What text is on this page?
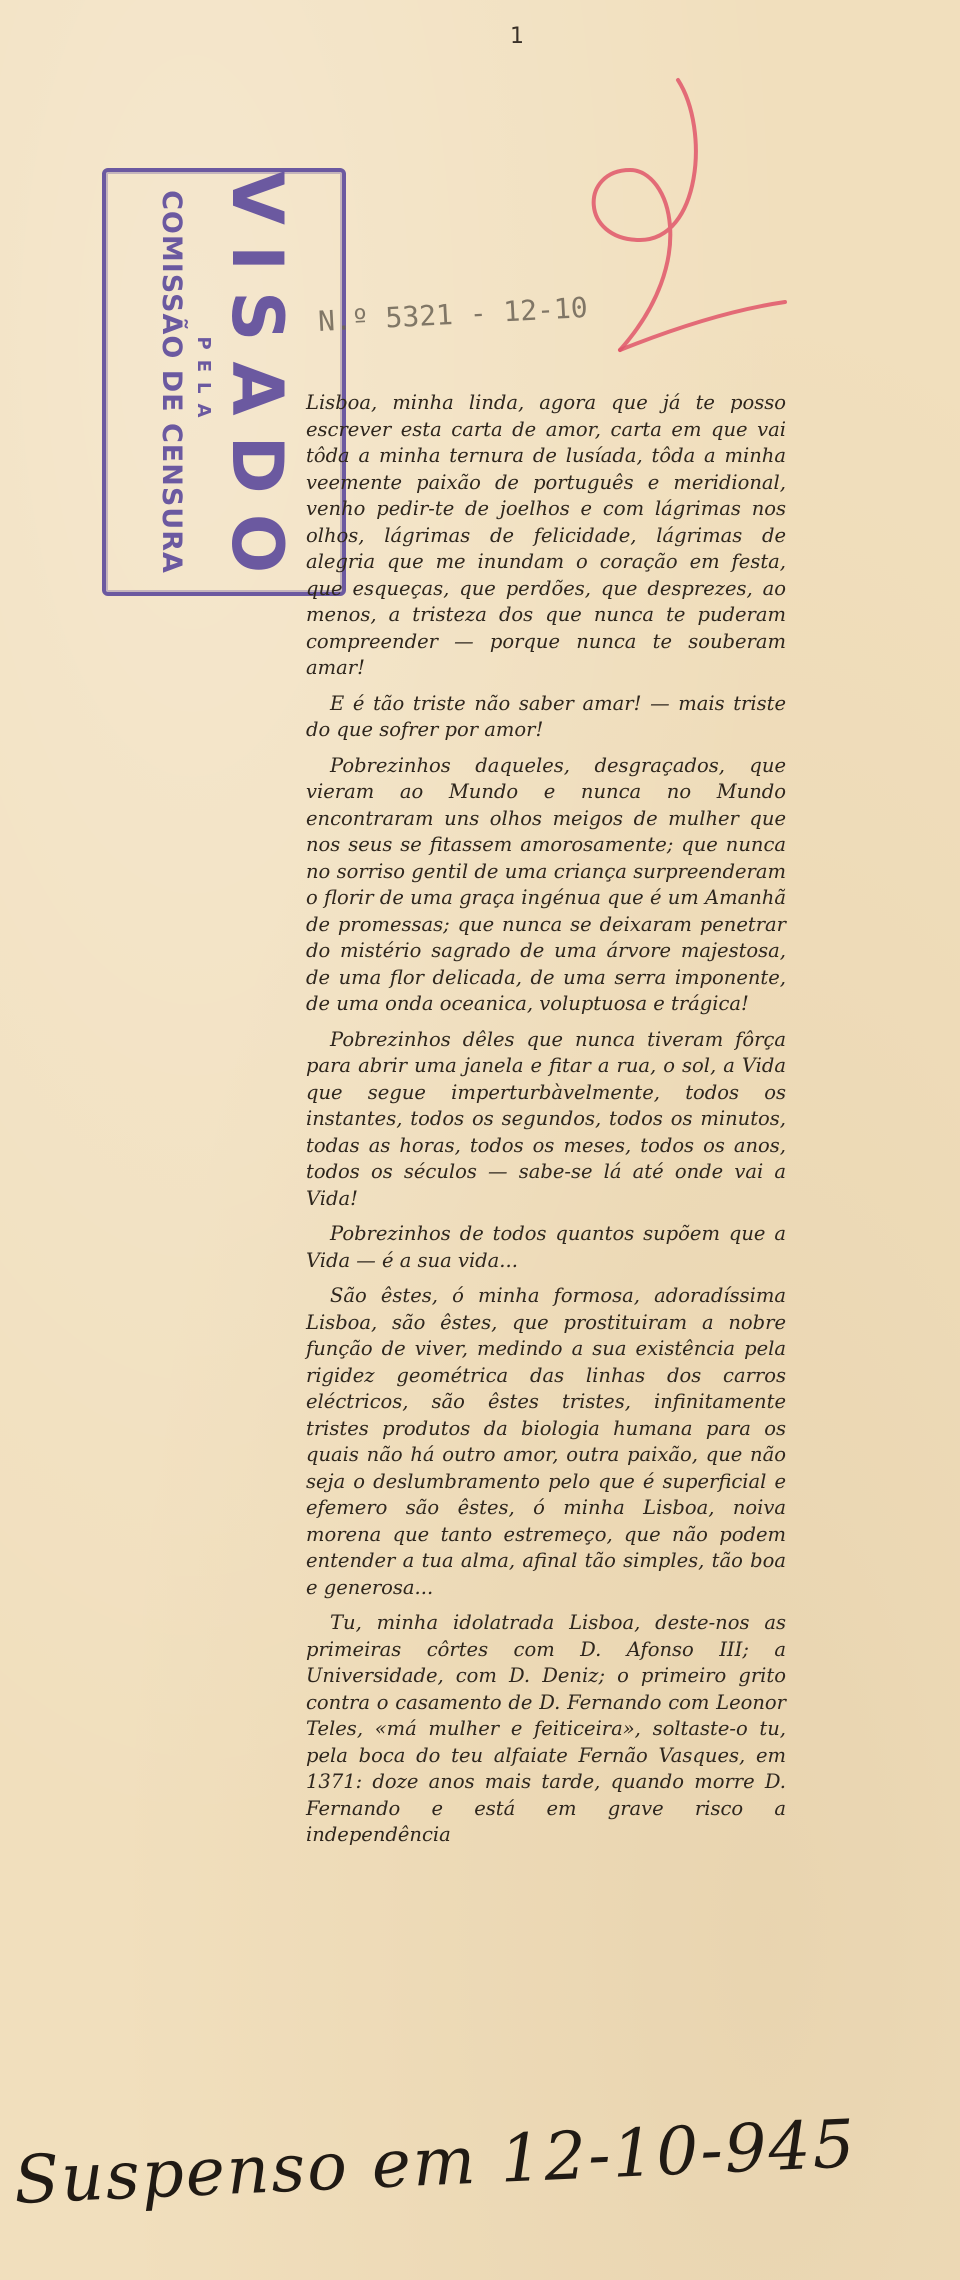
1
VISADO
PELA
COMISSÃO DE CENSURA	N.º 5321 - 12-10

Lisboa, minha linda, agora que já te posso escrever esta carta de amor, carta em que vai tôda a minha ternura de lusíada, tôda a minha veemente paixão de português e meridional, venho pedir-te de joelhos e com lágrimas nos olhos, lágrimas de felicidade, lágrimas de alegria que me inundam o coração em festa, que esqueças, que perdões, que desprezes, ao menos, a tristeza dos que nunca te puderam compreender — porque nunca te souberam amar!

E é tão triste não saber amar! — mais triste do que sofrer por amor!

Pobrezinhos daqueles, desgraçados, que vieram ao Mundo e nunca no Mundo encontraram uns olhos meigos de mulher que nos seus se fitassem amorosamente; que nunca no sorriso gentil de uma criança surpreenderam o florir de uma graça ingénua que é um Amanhã de promessas; que nunca se deixaram penetrar do mistério sagrado de uma árvore majestosa, de uma flor delicada, de uma serra imponente, de uma onda oceanica, voluptuosa e trágica!

Pobrezinhos dêles que nunca tiveram fôrça para abrir uma janela e fitar a rua, o sol, a Vida que segue imperturbàvelmente, todos os instantes, todos os segundos, todos os minutos, todas as horas, todos os meses, todos os anos, todos os séculos — sabe-se lá até onde vai a Vida!

Pobrezinhos de todos quantos supõem que a Vida — é a sua vida...

São êstes, ó minha formosa, adoradíssima Lisboa, são êstes, que prostituiram a nobre função de viver, medindo a sua existência pela rigidez geométrica das linhas dos carros eléctricos, são êstes tristes, infinitamente tristes produtos da biologia humana para os quais não há outro amor, outra paixão, que não seja o deslumbramento pelo que é superficial e efemero são êstes, ó minha Lisboa, noiva morena que tanto estremeço, que não podem entender a tua alma, afinal tão simples, tão boa e generosa...

Tu, minha idolatrada Lisboa, deste-nos as primeiras côrtes com D. Afonso III; a Universidade, com D. Deniz; o primeiro grito contra o casamento de D. Fernando com Leonor Teles, «má mulher e feiticeira», soltaste-o tu, pela boca do teu alfaiate Fernão Vasques, em 1371: doze anos mais tarde, quando morre D. Fernando e está em grave risco a independência

Suspenso em 12-10-945
